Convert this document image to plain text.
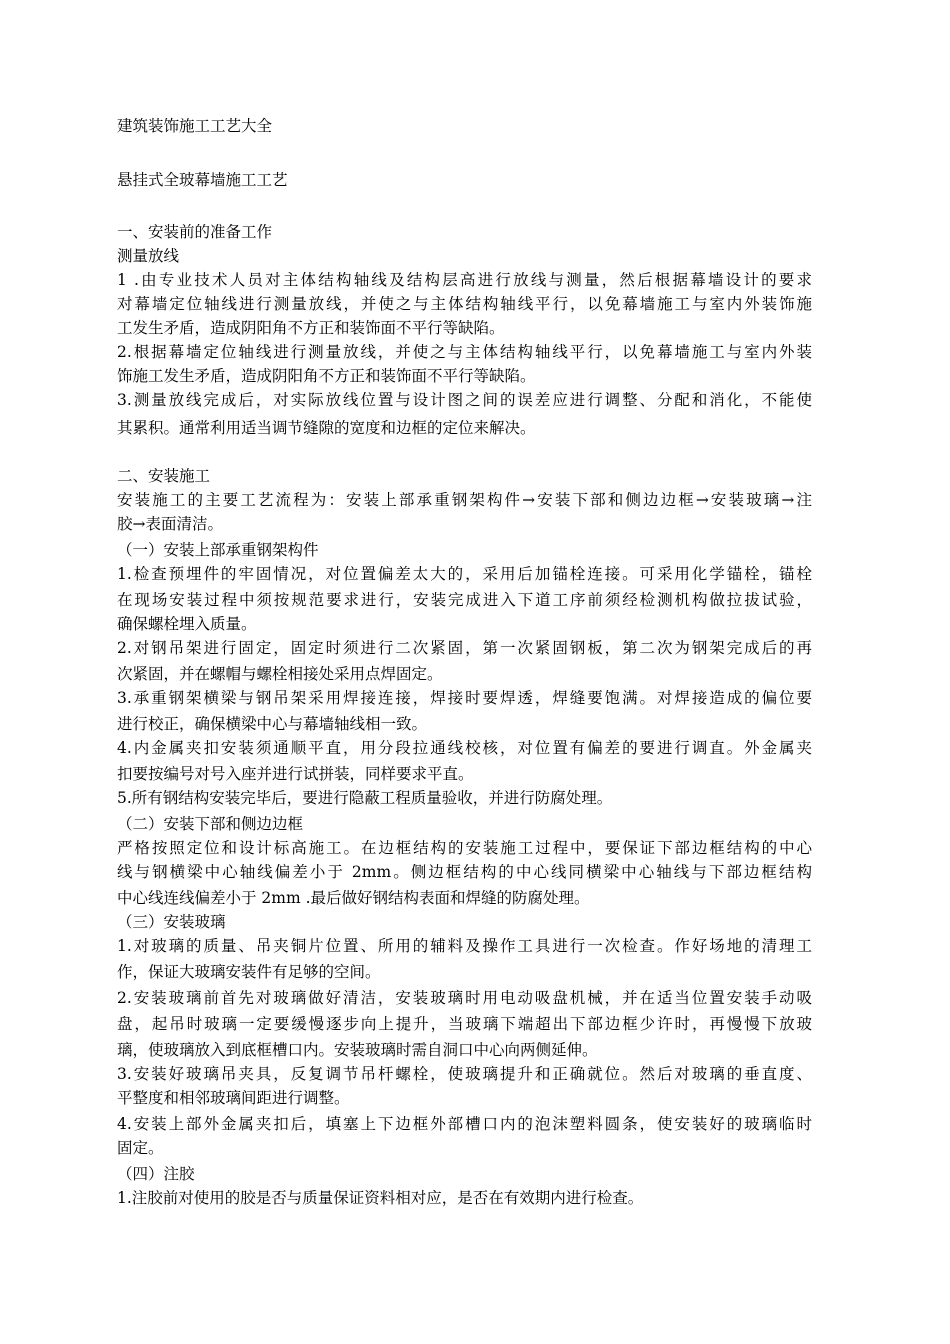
建筑装饰施工工艺大全
悬挂式全玻幕墙施工工艺
一、安装前的准备工作
测量放线
1 .由专业技术人员对主体结构轴线及结构层高进行放线与测量，然后根据幕墙设计的要求
对幕墙定位轴线进行测量放线，并使之与主体结构轴线平行，以免幕墙施工与室内外装饰施
工发生矛盾，造成阴阳角不方正和装饰面不平行等缺陷。
2.根据幕墙定位轴线进行测量放线，并使之与主体结构轴线平行，以免幕墙施工与室内外装
饰施工发生矛盾，造成阴阳角不方正和装饰面不平行等缺陷。
3.测量放线完成后，对实际放线位置与设计图之间的误差应进行调整、分配和消化，不能使
其累积。通常利用适当调节缝隙的宽度和边框的定位来解决。
二、安装施工
安装施工的主要工艺流程为：安装上部承重钢架构件→安装下部和侧边边框→安装玻璃→注
胶→表面清洁。
（一）安装上部承重钢架构件
1.检查预埋件的牢固情况，对位置偏差太大的，采用后加锚栓连接。可采用化学锚栓，锚栓
在现场安装过程中须按规范要求进行，安装完成进入下道工序前须经检测机构做拉拔试验，
确保螺栓埋入质量。
2.对钢吊架进行固定，固定时须进行二次紧固，第一次紧固钢板，第二次为钢架完成后的再
次紧固，并在螺帽与螺栓相接处采用点焊固定。
3.承重钢架横梁与钢吊架采用焊接连接，焊接时要焊透，焊缝要饱满。对焊接造成的偏位要
进行校正，确保横梁中心与幕墙轴线相一致。
4.内金属夹扣安装须通顺平直，用分段拉通线校核，对位置有偏差的要进行调直。外金属夹
扣要按编号对号入座并进行试拼装，同样要求平直。
5.所有钢结构安装完毕后，要进行隐蔽工程质量验收，并进行防腐处理。
（二）安装下部和侧边边框
严格按照定位和设计标高施工。在边框结构的安装施工过程中，要保证下部边框结构的中心
线与钢横梁中心轴线偏差小于 2mm。侧边框结构的中心线同横梁中心轴线与下部边框结构
中心线连线偏差小于 2mm .最后做好钢结构表面和焊缝的防腐处理。
（三）安装玻璃
1.对玻璃的质量、吊夹铜片位置、所用的辅料及操作工具进行一次检查。作好场地的清理工
作，保证大玻璃安装件有足够的空间。
2.安装玻璃前首先对玻璃做好清洁，安装玻璃时用电动吸盘机械，并在适当位置安装手动吸
盘，起吊时玻璃一定要缓慢逐步向上提升，当玻璃下端超出下部边框少许时，再慢慢下放玻
璃，使玻璃放入到底框槽口内。安装玻璃时需自洞口中心向两侧延伸。
3.安装好玻璃吊夹具，反复调节吊杆螺栓，使玻璃提升和正确就位。然后对玻璃的垂直度、
平整度和相邻玻璃间距进行调整。
4.安装上部外金属夹扣后，填塞上下边框外部槽口内的泡沫塑料圆条，使安装好的玻璃临时
固定。
（四）注胶
1.注胶前对使用的胶是否与质量保证资料相对应，是否在有效期内进行检查。
